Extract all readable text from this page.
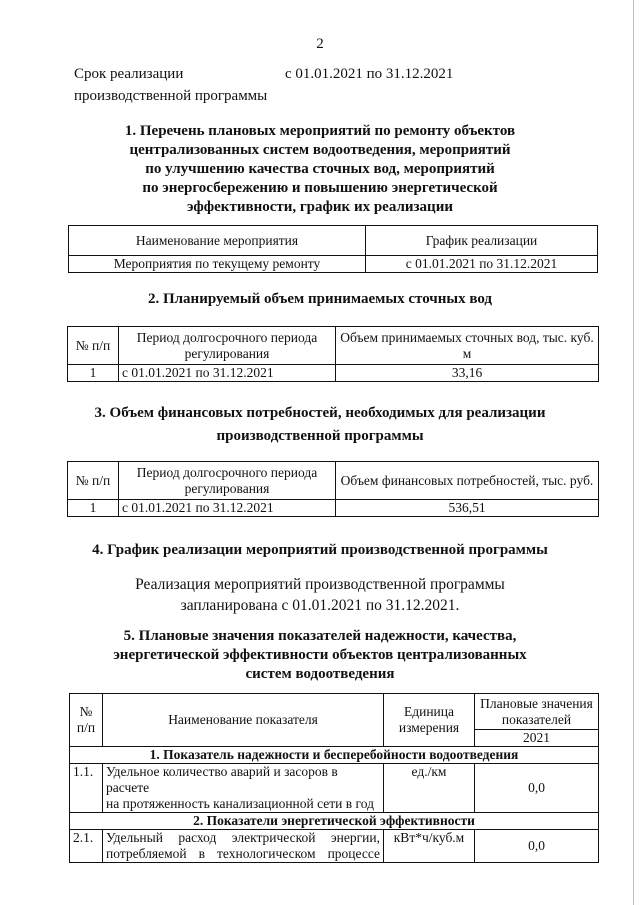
2
Срок реализации
производственной программы
с 01.01.2021 по 31.12.2021
1. Перечень плановых мероприятий по ремонту объектов
централизованных систем водоотведения, мероприятий
по улучшению качества сточных вод, мероприятий
по энергосбережению и повышению энергетической
эффективности, график их реализации
Наименование мероприятия	График реализации
Мероприятия по текущему ремонту	с 01.01.2021 по 31.12.2021
2. Планируемый объем принимаемых сточных вод
№ п/п	Период долгосрочного периода регулирования	Объем принимаемых сточных вод, тыс. куб. м
1	с 01.01.2021 по 31.12.2021	33,16
3. Объем финансовых потребностей, необходимых для реализации
производственной программы
№ п/п	Период долгосрочного периода регулирования	Объем финансовых потребностей, тыс. руб.
1	с 01.01.2021 по 31.12.2021	536,51
4. График реализации мероприятий производственной программы
Реализация мероприятий производственной программы
запланирована с 01.01.2021 по 31.12.2021.
5. Плановые значения показателей надежности, качества,
энергетической эффективности объектов централизованных
систем водоотведения
№ п/п	Наименование показателя	Единица измерения	Плановые значения показателей
			2021
1. Показатель надежности и бесперебойности водоотведения			
1.1.	Удельное количество аварий и засоров в расчете
на протяженность канализационной сети в год	ед./км	0,0
2. Показатели энергетической эффективности			
2.1.	Удельный расход электрической энергии,
потребляемой в технологическом процессе	кВт*ч/куб.м	0,0
